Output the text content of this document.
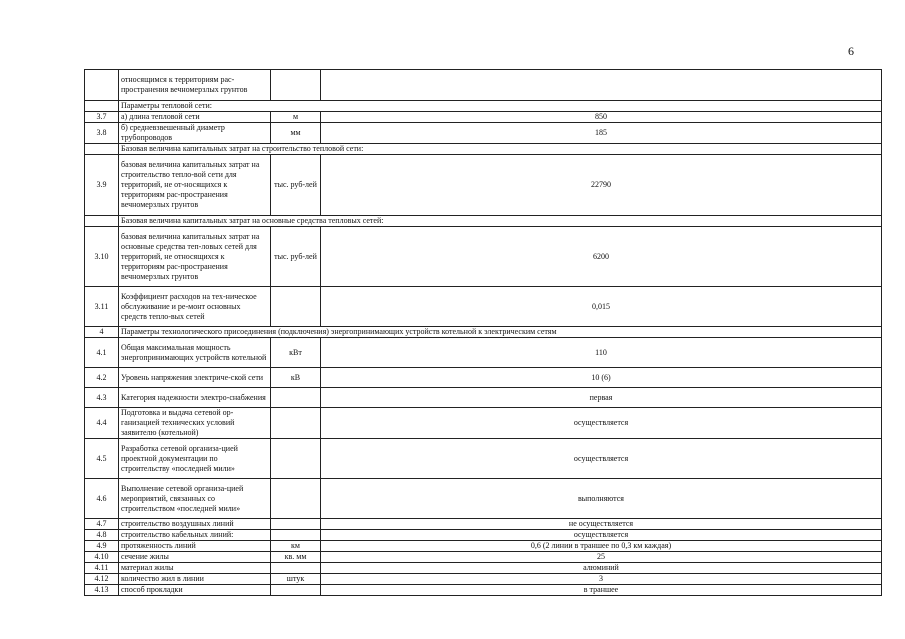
6
	относящимся к территориям рас-пространения вечномерзлых грунтов		
	Параметры тепловой сети:		
3.7	а) длина тепловой сети	м	850
3.8	б) средневзвешенный диаметр трубопроводов	мм	185
	Базовая величина капитальных затрат на строительство тепловой сети:		
3.9	базовая величина капитальных затрат на строительство тепло-вой сети для территорий, не от-носящихся к территориям рас-пространения вечномерзлых грунтов	тыс. руб-лей	22790
	Базовая величина капитальных затрат на основные средства тепловых сетей:		
3.10	базовая величина капитальных затрат на основные средства теп-ловых сетей для территорий, не относящихся к территориям рас-пространения вечномерзлых грунтов	тыс. руб-лей	6200
3.11	Коэффициент расходов на тех-ническое обслуживание и ре-монт основных средств тепло-вых сетей		0,015
4	Параметры технологического присоединения (подключения) энергопринимающих устройств котельной к электрическим сетям		
4.1	Общая максимальная мощность энергопринимающих устройств котельной	кВт	110
4.2	Уровень напряжения электриче-ской сети	кВ	10 (6)
4.3	Категория надежности электро-снабжения		первая
4.4	Подготовка и выдача сетевой ор-ганизацией технических условий заявителю (котельной)		осуществляется
4.5	Разработка сетевой организа-цией проектной документации по строительству «последней мили»		осуществляется
4.6	Выполнение сетевой организа-цией мероприятий, связанных со строительством «последней мили»		выполняются
4.7	строительство воздушных линий		не осуществляется
4.8	строительство кабельных линий:		осуществляется
4.9	протяженность линий	км	0,6 (2 линии в траншее по 0,3 км каждая)
4.10	сечение жилы	кв. мм	25
4.11	материал жилы		алюминий
4.12	количество жил в линии	штук	3
4.13	способ прокладки		в траншее
